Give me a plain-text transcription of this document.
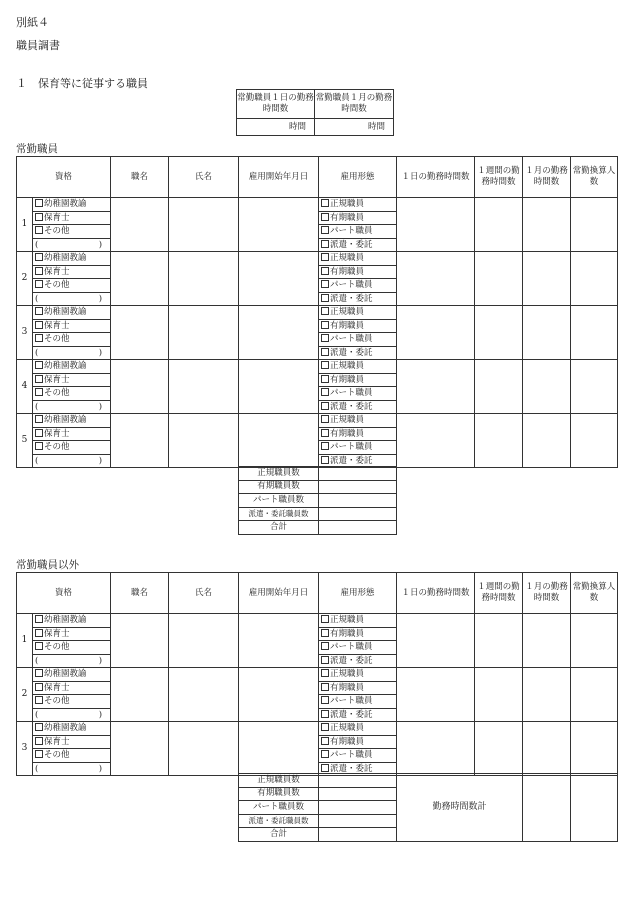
別紙４
職員調書
１　保育等に従事する職員
常勤職員１日の勤務時間数	常勤職員１月の勤務時間数
時間	時間
常勤職員
資格		職名	氏名	雇用開始年月日	雇用形態	１日の勤務時間数	１週間の勤務時間数	１月の勤務時間数	常勤換算人数
1	幼稚園教諭				正規職員				
	保育士				有期職員				
	その他				パート職員				

	( )				派遣・委託				
2	幼稚園教諭				正規職員				
	保育士				有期職員				
	その他				パート職員				

	( )				派遣・委託				
3	幼稚園教諭				正規職員				
	保育士				有期職員				
	その他				パート職員				

	( )				派遣・委託				
4	幼稚園教諭				正規職員				
	保育士				有期職員				
	その他				パート職員				

	( )				派遣・委託				
5	幼稚園教諭				正規職員				
	保育士				有期職員				
	その他				パート職員				

	( )				派遣・委託				
正規職員数	
有期職員数	
パート職員数	
派遣・委託職員数	
合計	
常勤職員以外
資格		職名	氏名	雇用開始年月日	雇用形態	１日の勤務時間数	１週間の勤務時間数	１月の勤務時間数	常勤換算人数
1	幼稚園教諭				正規職員				
	保育士				有期職員				
	その他				パート職員				

	( )				派遣・委託				
2	幼稚園教諭				正規職員				
	保育士				有期職員				
	その他				パート職員				

	( )				派遣・委託				
3	幼稚園教諭				正規職員				
	保育士				有期職員				
	その他				パート職員				

	( )				派遣・委託				
正規職員数		勤務時間数計		
有期職員数				
パート職員数				
派遣・委託職員数				
合計				
